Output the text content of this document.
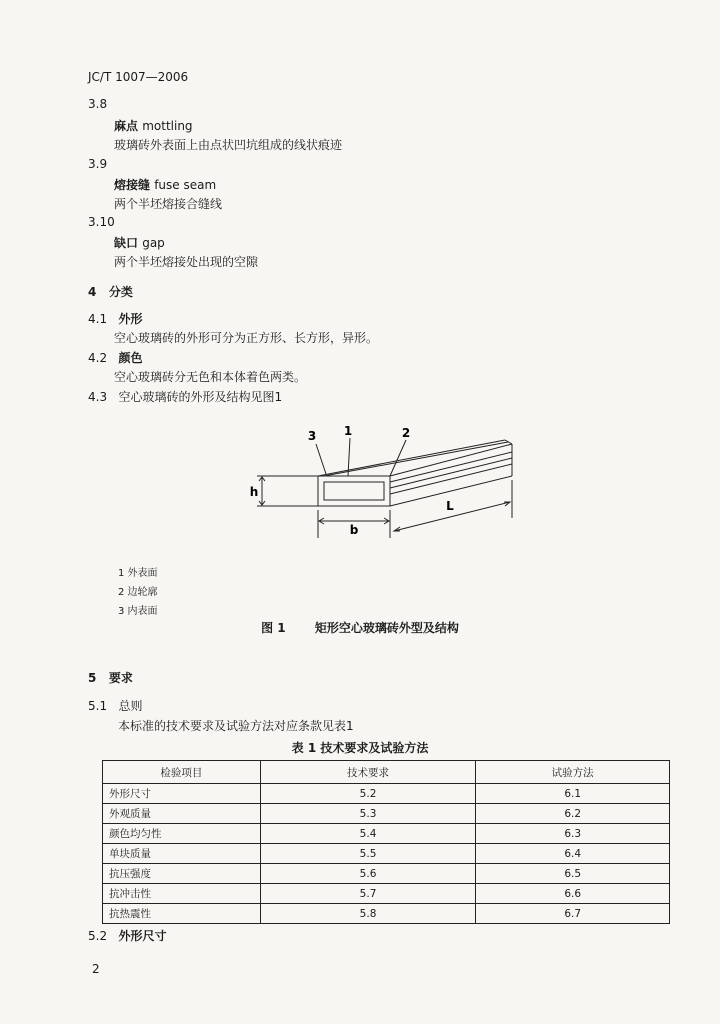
JC/T 1007—2006
3.8
麻点 mottling
玻璃砖外表面上由点状凹坑组成的线状痕迹
3.9
熔接缝 fuse seam
两个半坯熔接合缝线
3.10
缺口 gap
两个半坯熔接处出现的空隙
4 分类
4.1 外形
空心玻璃砖的外形可分为正方形、长方形，异形。
4.2 颜色
空心玻璃砖分无色和本体着色两类。
4.3 空心玻璃砖的外形及结构见图1
1	2
3
h
b
L
1 外表面
2 边轮廓
3 内表面
图 1 矩形空心玻璃砖外型及结构
5 要求
5.1 总则
本标准的技术要求及试验方法对应条款见表1
表 1 技术要求及试验方法
检验项目	技术要求	试验方法
外形尺寸	5.2	6.1
外观质量	5.3	6.2
颜色均匀性	5.4	6.3
单块质量	5.5	6.4
抗压强度	5.6	6.5
抗冲击性	5.7	6.6
抗热震性	5.8	6.7
5.2 外形尺寸
2
